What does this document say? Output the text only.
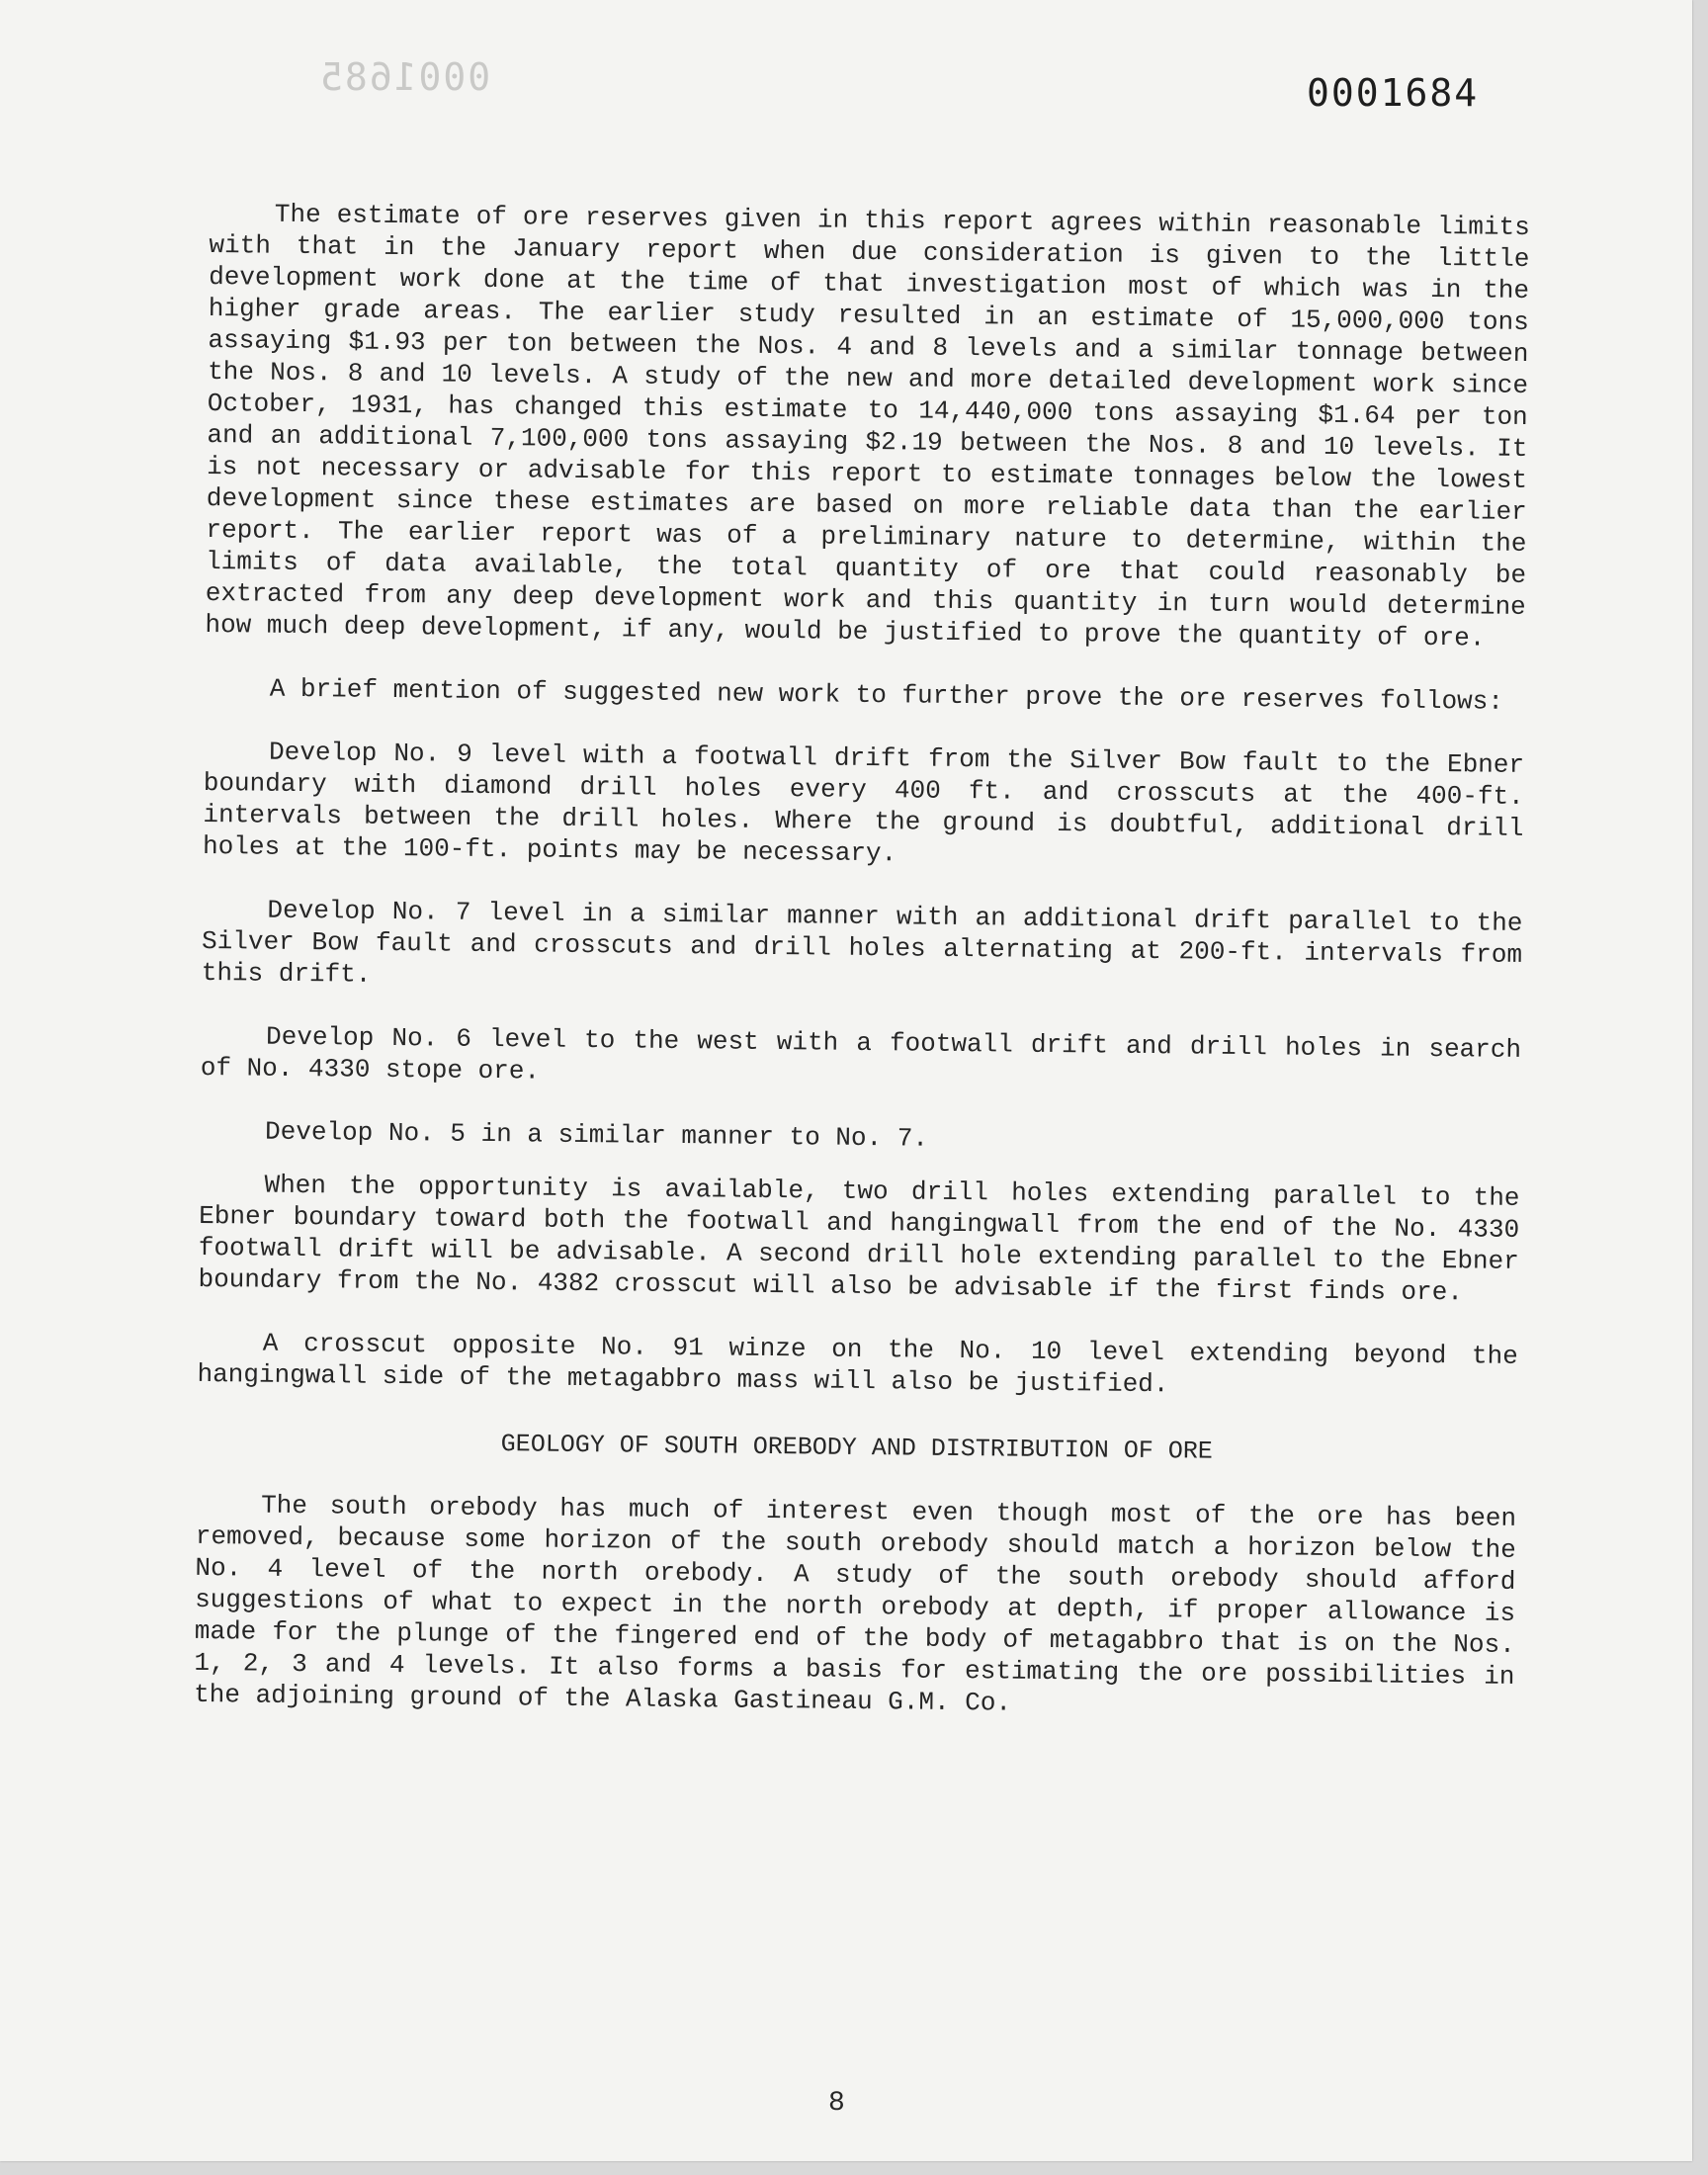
0001685	0001684

The estimate of ore reserves given in this report agrees within reasonable limits with that in the January report when due consideration is given to the little development work done at the time of that investigation most of which was in the higher grade areas. The earlier study resulted in an estimate of 15,000,000 tons assaying $1.93 per ton between the Nos. 4 and 8 levels and a similar tonnage between the Nos. 8 and 10 levels. A study of the new and more detailed development work since October, 1931, has changed this estimate to 14,440,000 tons assaying $1.64 per ton and an additional 7,100,000 tons assaying $2.19 between the Nos. 8 and 10 levels. It is not necessary or advisable for this report to estimate tonnages below the lowest development since these estimates are based on more reliable data than the earlier report. The earlier report was of a preliminary nature to determine, within the limits of data available, the total quantity of ore that could reasonably be extracted from any deep development work and this quantity in turn would determine how much deep development, if any, would be justified to prove the quantity of ore.

A brief mention of suggested new work to further prove the ore reserves follows:

Develop No. 9 level with a footwall drift from the Silver Bow fault to the Ebner boundary with diamond drill holes every 400 ft. and crosscuts at the 400-ft. intervals between the drill holes. Where the ground is doubtful, additional drill holes at the 100-ft. points may be necessary.

Develop No. 7 level in a similar manner with an additional drift parallel to the Silver Bow fault and crosscuts and drill holes alternating at 200-ft. intervals from this drift.

Develop No. 6 level to the west with a footwall drift and drill holes in search of No. 4330 stope ore.

Develop No. 5 in a similar manner to No. 7.

When the opportunity is available, two drill holes extending parallel to the Ebner boundary toward both the footwall and hangingwall from the end of the No. 4330 footwall drift will be advisable. A second drill hole extending parallel to the Ebner boundary from the No. 4382 crosscut will also be advisable if the first finds ore.

A crosscut opposite No. 91 winze on the No. 10 level extending beyond the hangingwall side of the metagabbro mass will also be justified.

GEOLOGY OF SOUTH OREBODY AND DISTRIBUTION OF ORE

The south orebody has much of interest even though most of the ore has been removed, because some horizon of the south orebody should match a horizon below the No. 4 level of the north orebody. A study of the south orebody should afford suggestions of what to expect in the north orebody at depth, if proper allowance is made for the plunge of the fingered end of the body of metagabbro that is on the Nos. 1, 2, 3 and 4 levels. It also forms a basis for estimating the ore possibilities in the adjoining ground of the Alaska Gastineau G.M. Co.

8
